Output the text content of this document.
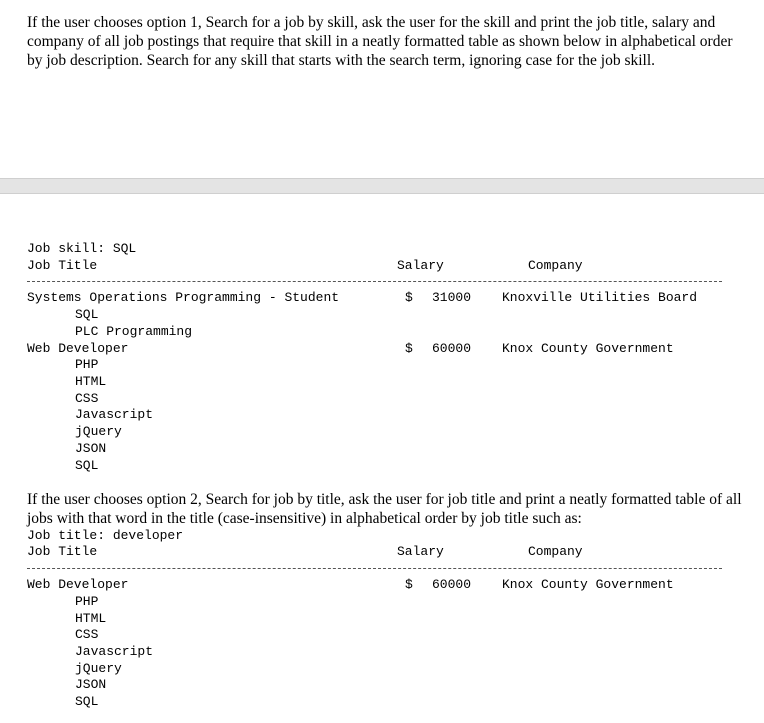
If the user chooses option 1, Search for a job by skill, ask the user for the skill and print the job title, salary and company of all job postings that require that skill in a neatly formatted table as shown below in alphabetical order by job description. Search for any skill that starts with the search term, ignoring case for the job skill.
Job skill: SQL
Job Title	Salary	Company
Systems Operations Programming - Student	$ 31000 Knoxville Utilities Board
SQL
PLC Programming
Web Developer	$ 60000 Knox County Government
PHP
HTML
CSS
Javascript
jQuery
JSON
SQL
If the user chooses option 2, Search for job by title, ask the user for job title and print a neatly formatted table of all jobs with that word in the title (case-insensitive) in alphabetical order by job title such as:
Job title: developer
Job Title	Salary	Company
Web Developer	$ 60000 Knox County Government
PHP
HTML
CSS
Javascript
jQuery
JSON
SQL
